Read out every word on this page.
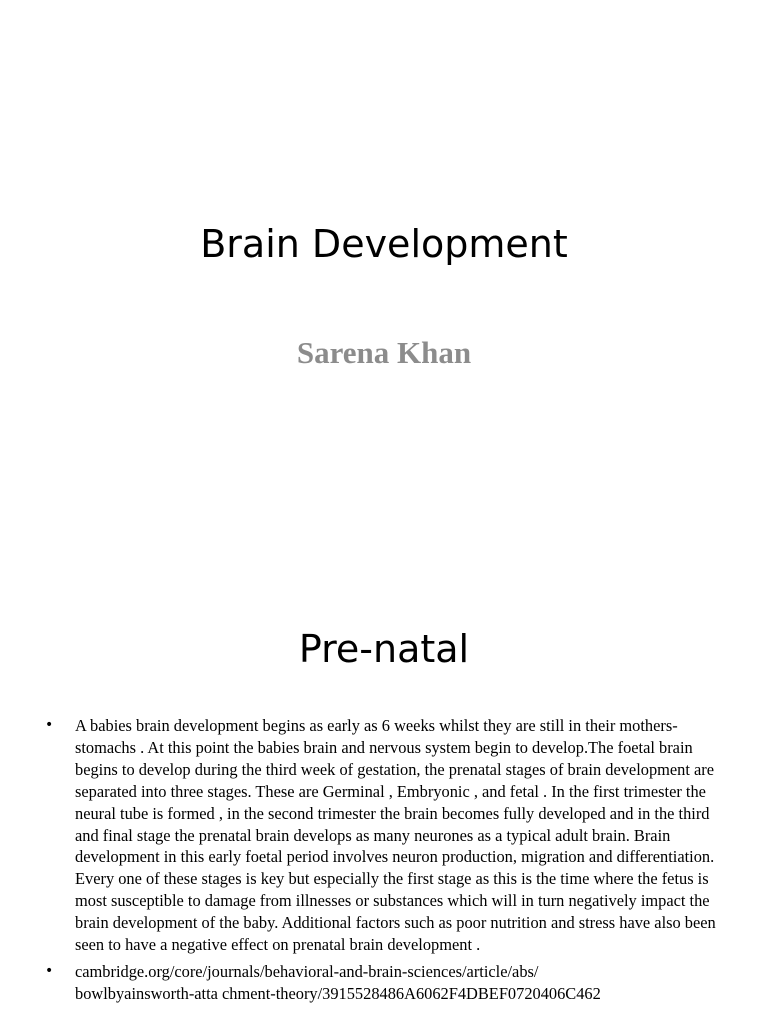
Brain Development
Sarena Khan
Pre-natal
• A babies brain development begins as early as 6 weeks whilst they are still in their mothers-stomachs . At this point the babies brain and nervous system begin to develop.The foetal brain begins to develop during the third week of gestation, the prenatal stages of brain development are separated into three stages. These are Germinal , Embryonic , and fetal . In the first trimester the neural tube is formed , in the second trimester the brain becomes fully developed and in the third and final stage the prenatal brain develops as many neurones as a typical adult brain. Brain development in this early foetal period involves neuron production, migration and differentiation. Every one of these stages is key but especially the first stage as this is the time where the fetus is most susceptible to damage from illnesses or substances which will in turn negatively impact the brain development of the baby. Additional factors such as poor nutrition and stress have also been seen to have a negative effect on prenatal brain development .
• cambridge.org/core/journals/behavioral-and-brain-sciences/article/abs/
bowlbyainsworth-atta chment-theory/3915528486A6062F4DBEF0720406C462
